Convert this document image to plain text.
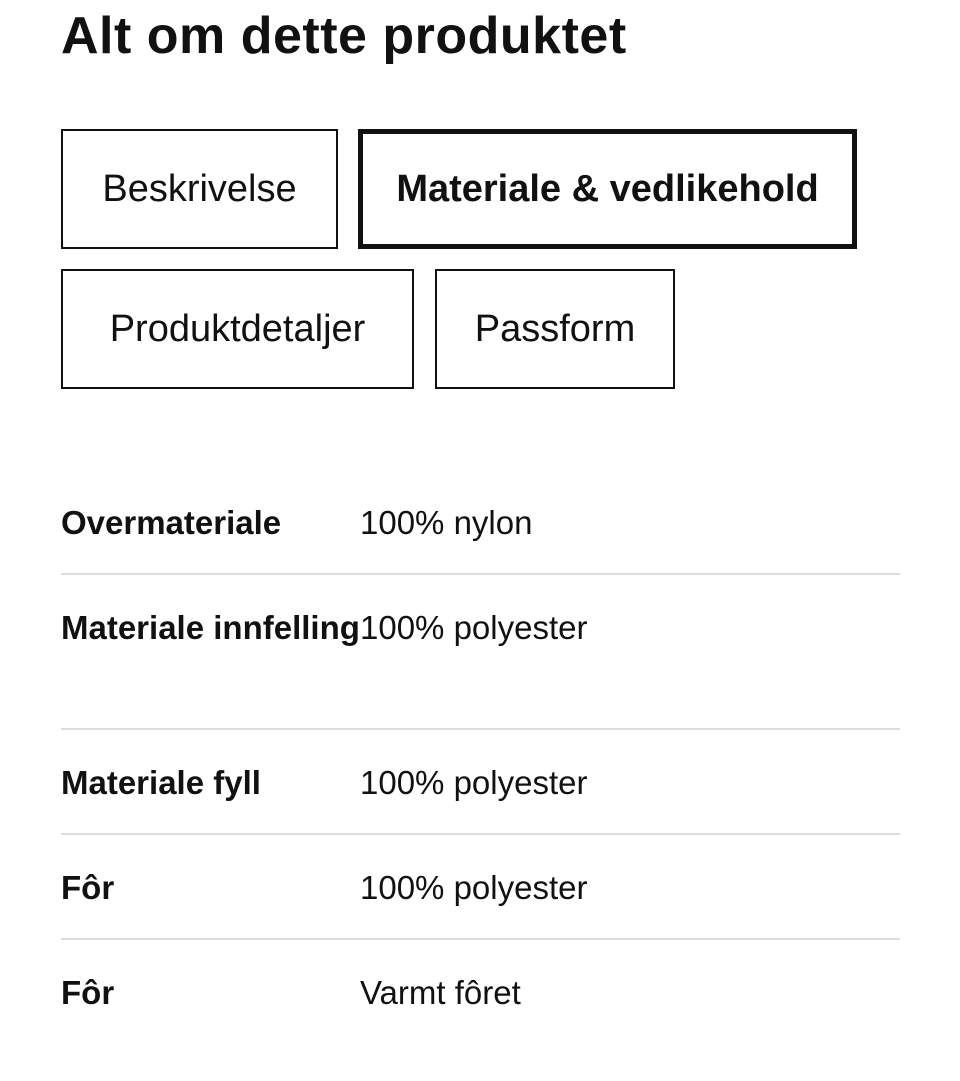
Alt om dette produktet
Beskrivelse	Materiale & vedlikehold
Produktdetaljer	Passform
Overmateriale	100% nylon
Materiale innfelling 100% polyester
Materiale fyll	100% polyester
Fôr	100% polyester
Fôr	Varmt fôret
